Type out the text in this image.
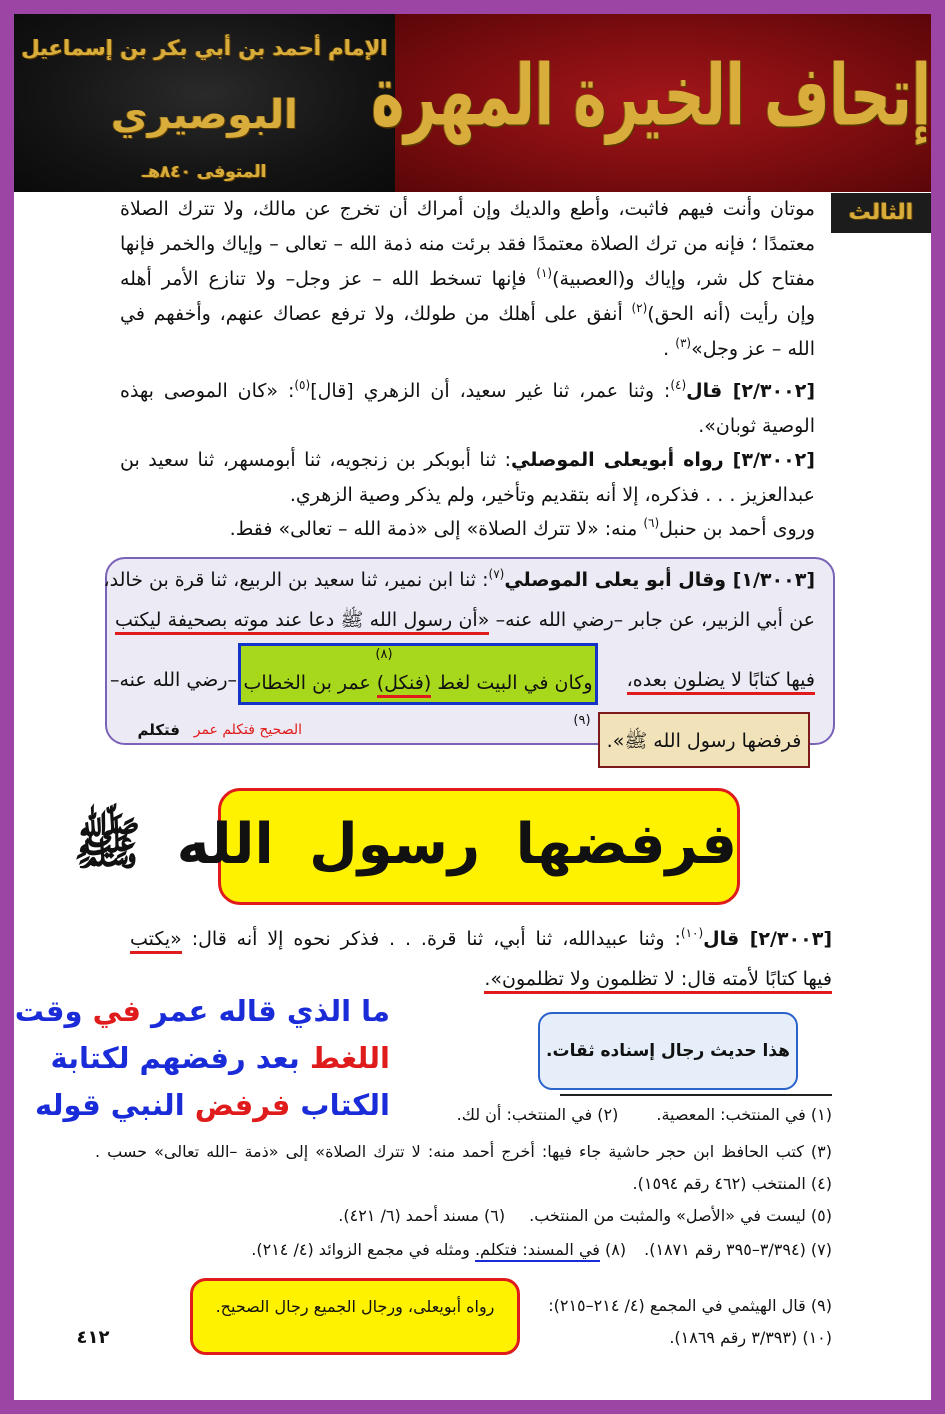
الإمام أحمد بن أبي بكر بن إسماعيل
البوصيري
المتوفى ٨٤٠هـ
إتحاف الخيرة المهرة
الثالث
موتان وأنت فيهم فاثبت، وأطع والديك وإن أمراك أن تخرج عن مالك، ولا تترك الصلاة
معتمدًا ؛ فإنه من ترك الصلاة معتمدًا فقد برئت منه ذمة الله – تعالى – وإياك والخمر فإنها
مفتاح كل شر، وإياك و(العصبية)$^{(١)}$ فإنها تسخط الله – عز وجل– ولا تنازع الأمر أهله
وإن رأيت (أنه الحق)$^{(٢)}$ أنفق على أهلك من طولك، ولا ترفع عصاك عنهم، وأخفهم في
الله – عز وجل»$^{(٣)}$ .
[٢/٣٠٠٢] قال$^{(٤)}$: وثنا عمر، ثنا غير سعيد، أن الزهري [قال]$^{(٥)}$: «كان الموصى بهذه
الوصية ثوبان».
[٣/٣٠٠٢] رواه أبويعلى الموصلي: ثنا أبوبكر بن زنجويه، ثنا أبومسهر، ثنا سعيد بن
عبدالعزيز . . . فذكره، إلا أنه بتقديم وتأخير، ولم يذكر وصية الزهري.
وروى أحمد بن حنبل$^{(٦)}$ منه: «لا تترك الصلاة» إلى «ذمة الله – تعالى» فقط.
[١/٣٠٠٣] وقال أبو يعلى الموصلي$^{(٧)}$: ثنا ابن نمير، ثنا سعيد بن الربيع، ثنا قرة بن خالد،
عن أبي الزبير، عن جابر –رضي الله عنه– «أن رسول الله ﷺ دعا عند موته بصحيفة ليكتب
فيها كتابًا لا يضلون بعده،
وكان في البيت لغط (فنكل) عمر بن الخطاب
(٨)
–رضي الله عنه–
فرفضها رسول الله ﷺ».
(٩)
الصحيح فتكلم عمر
فتكلم
فرفضها رسول الله ﷺ
[٢/٣٠٠٣] قال$^{(١٠)}$: وثنا عبيدالله، ثنا أبي، ثنا قرة. . . فذكر نحوه إلا أنه قال: «يكتب
فيها كتابًا لأمته قال: لا تظلمون ولا تظلمون».
ما الذي قاله عمر في وقت
اللغط بعد رفضهم لكتابة
الكتاب فرفض النبي قوله
هذا حديث رجال إسناده ثقات.
(١) في المنتخب: المعصية.(٢) في المنتخب: أن لك.
(٣) كتب الحافظ ابن حجر حاشية جاء فيها: أخرج أحمد منه: لا تترك الصلاة» إلى «ذمة –الله تعالى» حسب .
(٤) المنتخب (٤٦٢ رقم ١٥٩٤).
(٥) ليست في «الأصل» والمثبت من المنتخب.(٦) مسند أحمد (٦/ ٤٢١).
(٧) (٣/٣٩٤–٣٩٥ رقم ١٨٧١).(٨) في المسند: فتكلم. ومثله في مجمع الزوائد (٤/ ٢١٤).
(٩) قال الهيثمي في المجمع (٤/ ٢١٤–٢١٥):
رواه أبويعلى، ورجال الجميع رجال الصحيح.
(١٠) (٣/٣٩٣ رقم ١٨٦٩).
٤١٢
